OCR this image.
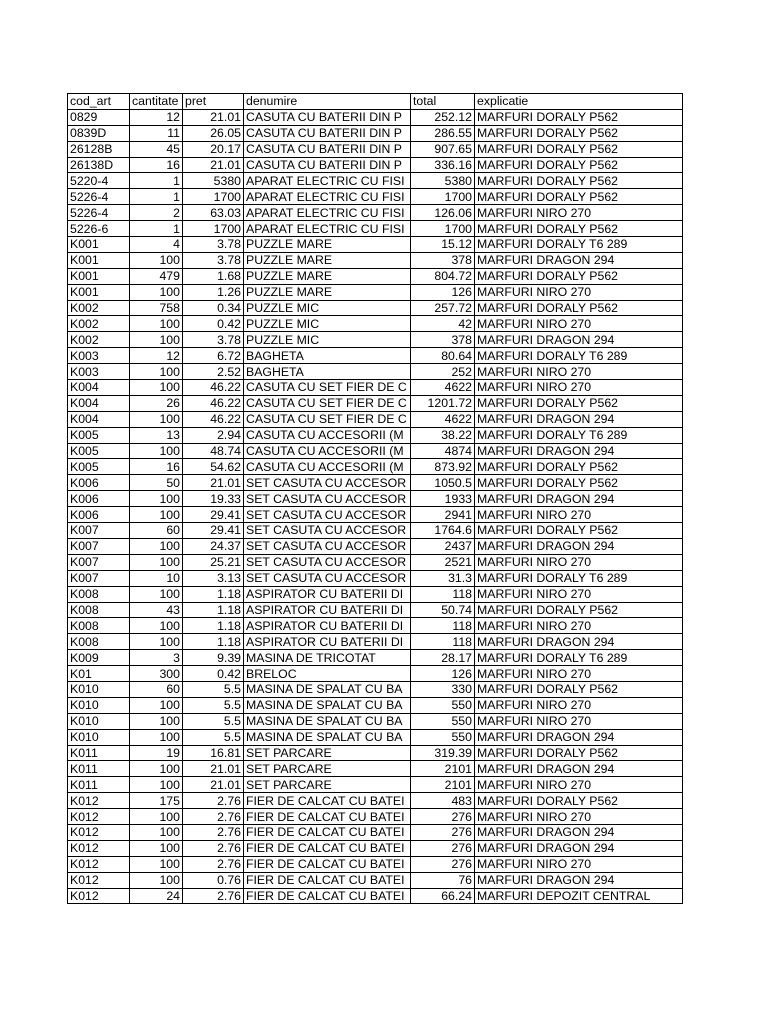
cod_art	cantitate	pret	denumire	total	explicatie
0829	12	21.01	CASUTA CU BATERII DIN P	252.12	MARFURI DORALY P562
0839D	11	26.05	CASUTA CU BATERII DIN P	286.55	MARFURI DORALY P562
26128B	45	20.17	CASUTA CU BATERII DIN P	907.65	MARFURI DORALY P562
26138D	16	21.01	CASUTA CU BATERII DIN P	336.16	MARFURI DORALY P562
5220-4	1	5380	APARAT ELECTRIC CU FISI	5380	MARFURI DORALY P562
5226-4	1	1700	APARAT ELECTRIC CU FISI	1700	MARFURI DORALY P562
5226-4	2	63.03	APARAT ELECTRIC CU FISI	126.06	MARFURI NIRO 270
5226-6	1	1700	APARAT ELECTRIC CU FISI	1700	MARFURI DORALY P562
K001	4	3.78	PUZZLE MARE	15.12	MARFURI DORALY T6 289
K001	100	3.78	PUZZLE MARE	378	MARFURI DRAGON 294
K001	479	1.68	PUZZLE MARE	804.72	MARFURI DORALY P562
K001	100	1.26	PUZZLE MARE	126	MARFURI NIRO 270
K002	758	0.34	PUZZLE MIC	257.72	MARFURI DORALY P562
K002	100	0.42	PUZZLE MIC	42	MARFURI NIRO 270
K002	100	3.78	PUZZLE MIC	378	MARFURI DRAGON 294
K003	12	6.72	BAGHETA	80.64	MARFURI DORALY T6 289
K003	100	2.52	BAGHETA	252	MARFURI NIRO 270
K004	100	46.22	CASUTA CU SET FIER DE C	4622	MARFURI NIRO 270
K004	26	46.22	CASUTA CU SET FIER DE C	1201.72	MARFURI DORALY P562
K004	100	46.22	CASUTA CU SET FIER DE C	4622	MARFURI DRAGON 294
K005	13	2.94	CASUTA CU ACCESORII (M	38.22	MARFURI DORALY T6 289
K005	100	48.74	CASUTA CU ACCESORII (M	4874	MARFURI DRAGON 294
K005	16	54.62	CASUTA CU ACCESORII (M	873.92	MARFURI DORALY P562
K006	50	21.01	SET CASUTA CU ACCESOR	1050.5	MARFURI DORALY P562
K006	100	19.33	SET CASUTA CU ACCESOR	1933	MARFURI DRAGON 294
K006	100	29.41	SET CASUTA CU ACCESOR	2941	MARFURI NIRO 270
K007	60	29.41	SET CASUTA CU ACCESOR	1764.6	MARFURI DORALY P562
K007	100	24.37	SET CASUTA CU ACCESOR	2437	MARFURI DRAGON 294
K007	100	25.21	SET CASUTA CU ACCESOR	2521	MARFURI NIRO 270
K007	10	3.13	SET CASUTA CU ACCESOR	31.3	MARFURI DORALY T6 289
K008	100	1.18	ASPIRATOR CU BATERII DI	118	MARFURI NIRO 270
K008	43	1.18	ASPIRATOR CU BATERII DI	50.74	MARFURI DORALY P562
K008	100	1.18	ASPIRATOR CU BATERII DI	118	MARFURI NIRO 270
K008	100	1.18	ASPIRATOR CU BATERII DI	118	MARFURI DRAGON 294
K009	3	9.39	MASINA DE TRICOTAT	28.17	MARFURI DORALY T6 289
K01	300	0.42	BRELOC	126	MARFURI NIRO 270
K010	60	5.5	MASINA DE SPALAT CU BA	330	MARFURI DORALY P562
K010	100	5.5	MASINA DE SPALAT CU BA	550	MARFURI NIRO 270
K010	100	5.5	MASINA DE SPALAT CU BA	550	MARFURI NIRO 270
K010	100	5.5	MASINA DE SPALAT CU BA	550	MARFURI DRAGON 294
K011	19	16.81	SET PARCARE	319.39	MARFURI DORALY P562
K011	100	21.01	SET PARCARE	2101	MARFURI DRAGON 294
K011	100	21.01	SET PARCARE	2101	MARFURI NIRO 270
K012	175	2.76	FIER DE CALCAT CU BATEI	483	MARFURI DORALY P562
K012	100	2.76	FIER DE CALCAT CU BATEI	276	MARFURI NIRO 270
K012	100	2.76	FIER DE CALCAT CU BATEI	276	MARFURI DRAGON 294
K012	100	2.76	FIER DE CALCAT CU BATEI	276	MARFURI DRAGON 294
K012	100	2.76	FIER DE CALCAT CU BATEI	276	MARFURI NIRO 270
K012	100	0.76	FIER DE CALCAT CU BATEI	76	MARFURI DRAGON 294
K012	24	2.76	FIER DE CALCAT CU BATEI	66.24	MARFURI DEPOZIT CENTRAL
